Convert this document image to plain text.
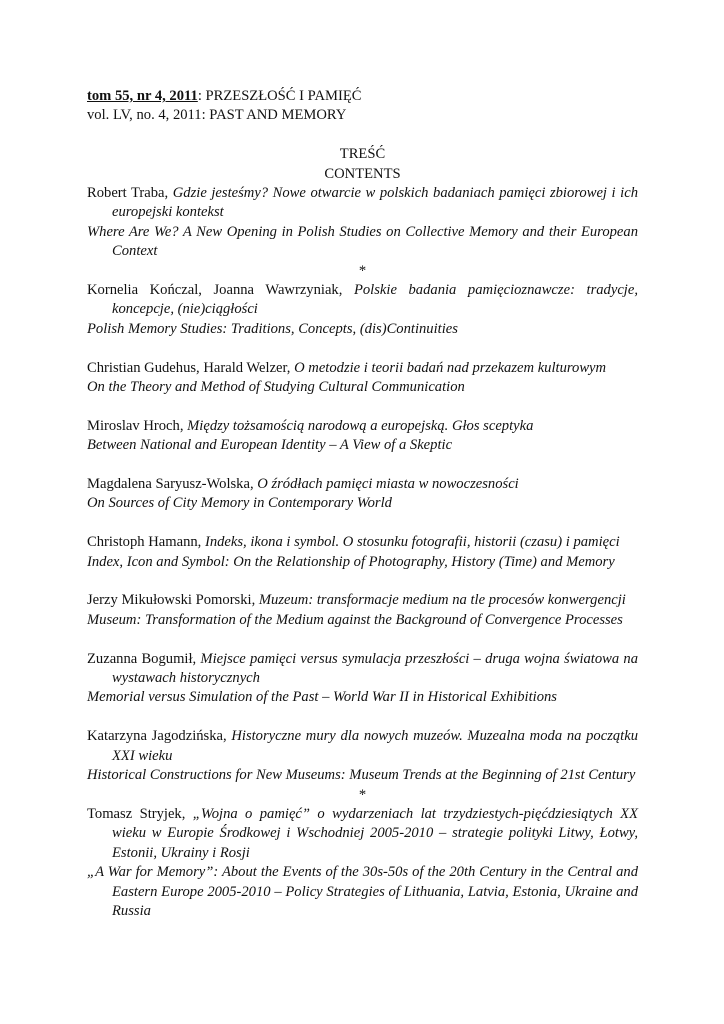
tom 55, nr 4, 2011: PRZESZŁOŚĆ I PAMIĘĆ

vol. LV, no. 4, 2011: PAST AND MEMORY

TREŚĆ

CONTENTS

Robert Traba, Gdzie jesteśmy? Nowe otwarcie w polskich badaniach pamięci zbiorowej i ich europejski kontekst

Where Are We? A New Opening in Polish Studies on Collective Memory and their European Context

*

Kornelia Kończal, Joanna Wawrzyniak, Polskie badania pamięcioznawcze: tradycje, koncepcje, (nie)ciągłości

Polish Memory Studies: Traditions, Concepts, (dis)Continuities

Christian Gudehus, Harald Welzer, O metodzie i teorii badań nad przekazem kulturowym

On the Theory and Method of Studying Cultural Communication

Miroslav Hroch, Między tożsamością narodową a europejską. Głos sceptyka

Between National and European Identity – A View of a Skeptic

Magdalena Saryusz-Wolska, O źródłach pamięci miasta w nowoczesności

On Sources of City Memory in Contemporary World

Christoph Hamann, Indeks, ikona i symbol. O stosunku fotografii, historii (czasu) i pamięci

Index, Icon and Symbol: On the Relationship of Photography, History (Time) and Memory

Jerzy Mikułowski Pomorski, Muzeum: transformacje medium na tle procesów konwergencji

Museum: Transformation of the Medium against the Background of Convergence Processes

Zuzanna Bogumił, Miejsce pamięci versus symulacja przeszłości – druga wojna światowa na wystawach historycznych

Memorial versus Simulation of the Past – World War II in Historical Exhibitions

Katarzyna Jagodzińska, Historyczne mury dla nowych muzeów. Muzealna moda na początku XXI wieku

Historical Constructions for New Museums: Museum Trends at the Beginning of 21st Century

*

Tomasz Stryjek, „Wojna o pamięć” o wydarzeniach lat trzydziestych-pięćdziesiątych XX wieku w Europie Środkowej i Wschodniej 2005-2010 – strategie polityki Litwy, Łotwy, Estonii, Ukrainy i Rosji

„A War for Memory”: About the Events of the 30s-50s of the 20th Century in the Central and Eastern Europe 2005-2010 – Policy Strategies of Lithuania, Latvia, Estonia, Ukraine and Russia
